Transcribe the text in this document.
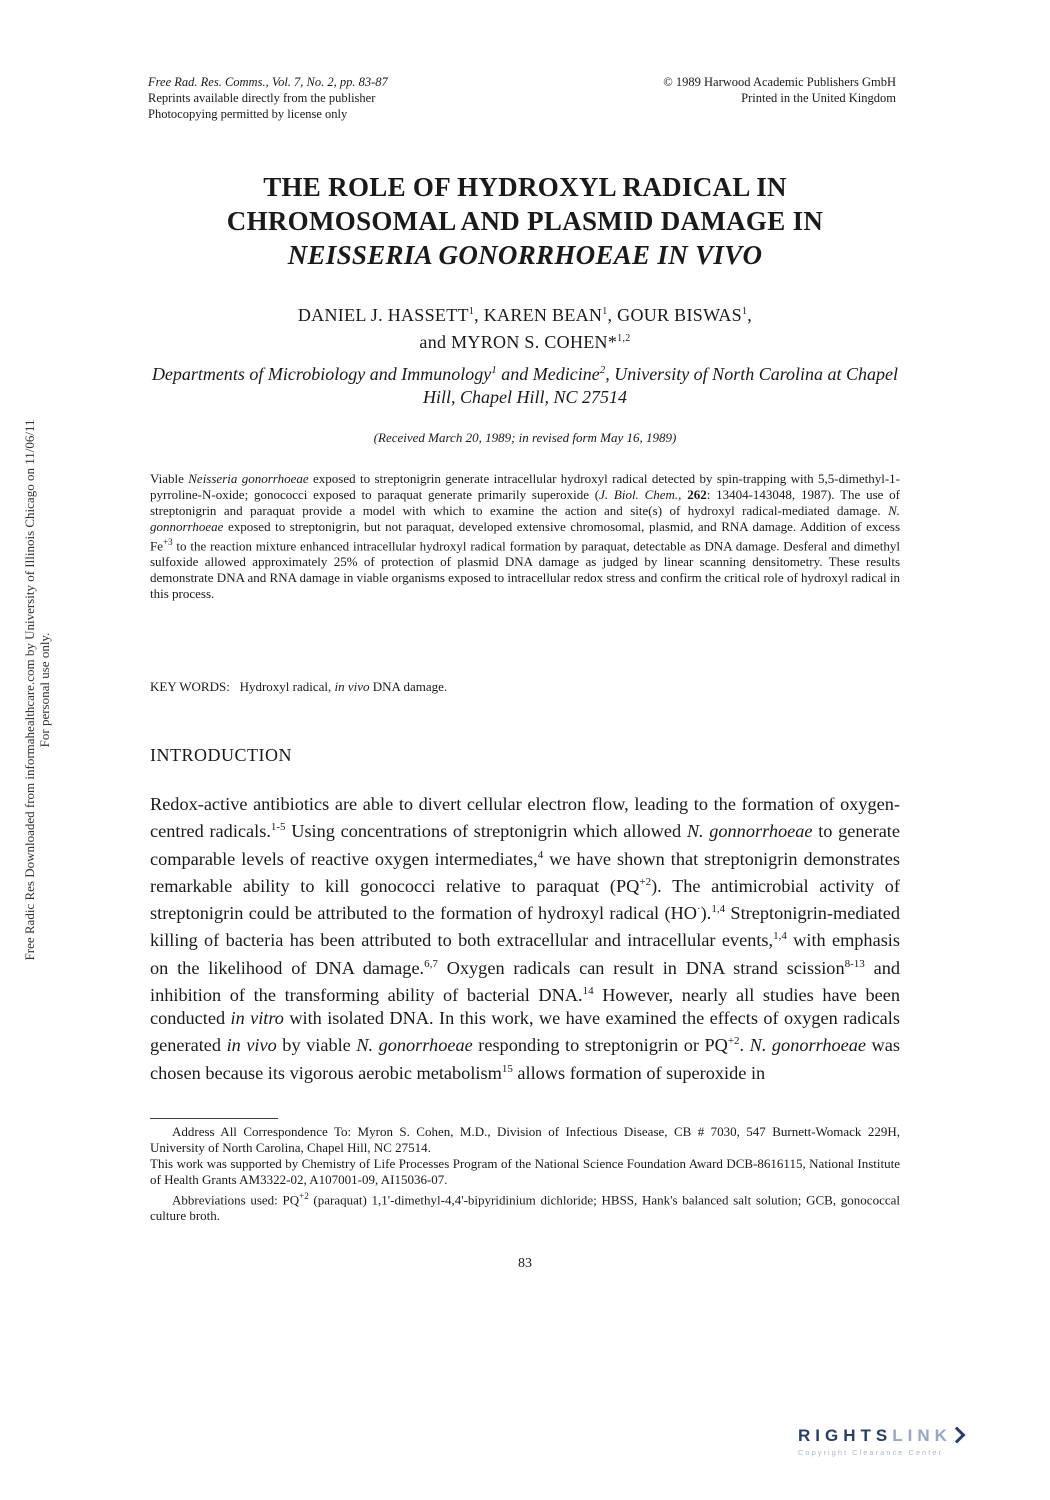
Free Rad. Res. Comms., Vol. 7, No. 2, pp. 83-87
Reprints available directly from the publisher
Photocopying permitted by license only
© 1989 Harwood Academic Publishers GmbH
Printed in the United Kingdom
THE ROLE OF HYDROXYL RADICAL IN
CHROMOSOMAL AND PLASMID DAMAGE IN
NEISSERIA GONORRHOEAE IN VIVO
DANIEL J. HASSETT$^1$, KAREN BEAN$^1$, GOUR BISWAS$^1$,
and MYRON S. COHEN*$^{1,2}$
Departments of Microbiology and Immunology$^1$ and Medicine$^2$, University of North Carolina at Chapel Hill, Chapel Hill, NC 27514
(Received March 20, 1989; in revised form May 16, 1989)
Viable Neisseria gonorrhoeae exposed to streptonigrin generate intracellular hydroxyl radical detected by spin-trapping with 5,5-dimethyl-1-pyrroline-N-oxide; gonococci exposed to paraquat generate primarily superoxide (J. Biol. Chem., 262: 13404-143048, 1987). The use of streptonigrin and paraquat provide a model with which to examine the action and site(s) of hydroxyl radical-mediated damage. N. gonnorrhoeae exposed to streptonigrin, but not paraquat, developed extensive chromosomal, plasmid, and RNA damage. Addition of excess $Fe^{+3}$ to the reaction mixture enhanced intracellular hydroxyl radical formation by paraquat, detectable as DNA damage. Desferal and dimethyl sulfoxide allowed approximately 25% of protection of plasmid DNA damage as judged by linear scanning densitometry. These results demonstrate DNA and RNA damage in viable organisms exposed to intracellular redox stress and confirm the critical role of hydroxyl radical in this process.
KEY WORDS: Hydroxyl radical, in vivo DNA damage.
INTRODUCTION
Redox-active antibiotics are able to divert cellular electron flow, leading to the formation of oxygen-centred radicals.$^{1-5}$ Using concentrations of streptonigrin which allowed N. gonnorrhoeae to generate comparable levels of reactive oxygen intermediates,$^4$ we have shown that streptonigrin demonstrates remarkable ability to kill gonococci relative to paraquat $(PQ^{+2})$. The antimicrobial activity of streptonigrin could be attributed to the formation of hydroxyl radical (HO·).$^{1,4}$ Streptonigrin-mediated killing of bacteria has been attributed to both extracellular and intracellular events,$^{1,4}$ with emphasis on the likelihood of DNA damage.$^{6,7}$ Oxygen radicals can result in DNA strand scission$^{8-13}$ and inhibition of the transforming ability of bacterial DNA.$^{14}$ However, nearly all studies have been conducted in vitro with isolated DNA. In this work, we have examined the effects of oxygen radicals generated in vivo by viable N. gonorrhoeae responding to streptonigrin or $PQ^{+2}$. N. gonorrhoeae was chosen because its vigorous aerobic metabolism$^{15}$ allows formation of superoxide in

Address All Correspondence To: Myron S. Cohen, M.D., Division of Infectious Disease, CB # 7030, 547 Burnett-Womack 229H, University of North Carolina, Chapel Hill, NC 27514.

This work was supported by Chemistry of Life Processes Program of the National Science Foundation Award DCB-8616115, National Institute of Health Grants AM3322-02, A107001-09, AI15036-07.

Abbreviations used: $PQ^{+2}$ (paraquat) 1,1'-dimethyl-4,4'-bipyridinium dichloride; HBSS, Hank's balanced salt solution; GCB, gonococcal culture broth.

83
Free Radic Res Downloaded from informahealthcare.com by University of Illinois Chicago on 11/06/11 For personal use only.
RIGHTSLINK
Copyright Clearance Center
